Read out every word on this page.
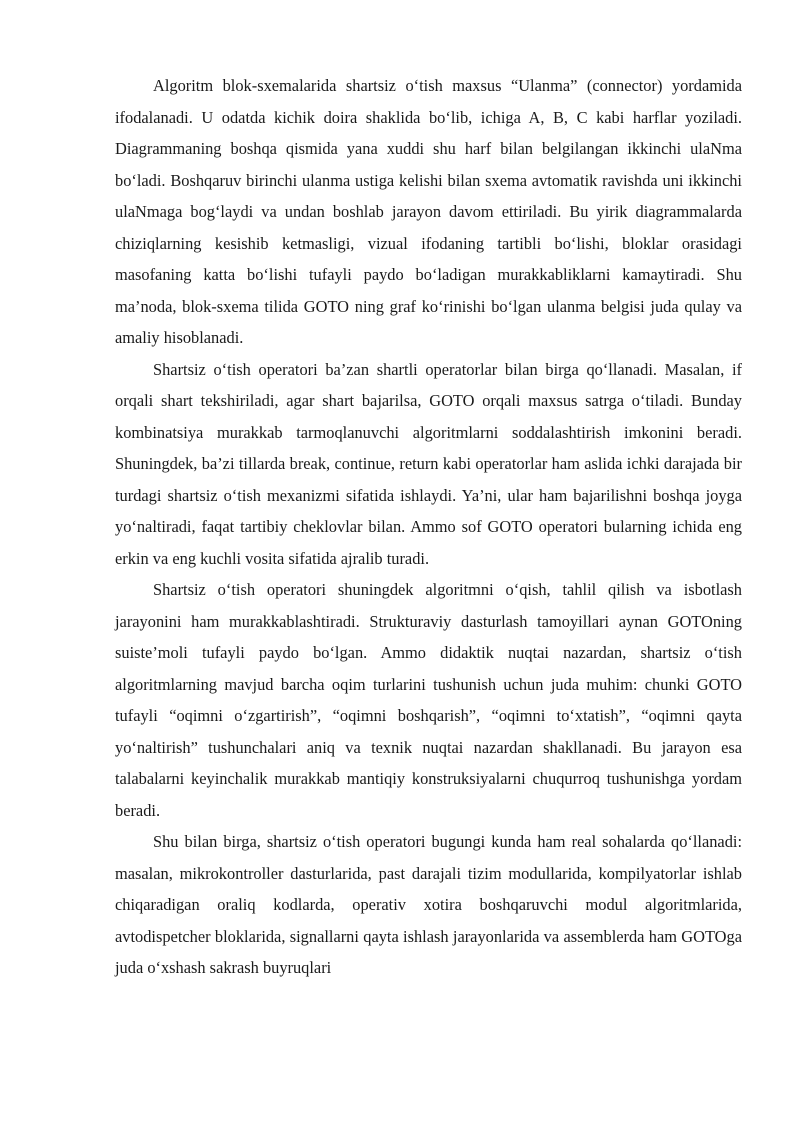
Algoritm blok-sxemalarida shartsiz o‘tish maxsus “Ulanma” (connector) yordamida ifodalanadi. U odatda kichik doira shaklida bo‘lib, ichiga A, B, C kabi harflar yoziladi. Diagrammaning boshqa qismida yana xuddi shu harf bilan belgilangan ikkinchi ulaNma bo‘ladi. Boshqaruv birinchi ulanma ustiga kelishi bilan sxema avtomatik ravishda uni ikkinchi ulaNmaga bog‘laydi va undan boshlab jarayon davom ettiriladi. Bu yirik diagrammalarda chiziqlarning kesishib ketmasligi, vizual ifodaning tartibli bo‘lishi, bloklar orasidagi masofaning katta bo‘lishi tufayli paydo bo‘ladigan murakkabliklarni kamaytiradi. Shu ma’noda, blok-sxema tilida GOTO ning graf ko‘rinishi bo‘lgan ulanma belgisi juda qulay va amaliy hisoblanadi.

Shartsiz o‘tish operatori ba’zan shartli operatorlar bilan birga qo‘llanadi. Masalan, if orqali shart tekshiriladi, agar shart bajarilsa, GOTO orqali maxsus satrga o‘tiladi. Bunday kombinatsiya murakkab tarmoqlanuvchi algoritmlarni soddalashtirish imkonini beradi. Shuningdek, ba’zi tillarda break, continue, return kabi operatorlar ham aslida ichki darajada bir turdagi shartsiz o‘tish mexanizmi sifatida ishlaydi. Ya’ni, ular ham bajarilishni boshqa joyga yo‘naltiradi, faqat tartibiy cheklovlar bilan. Ammo sof GOTO operatori bularning ichida eng erkin va eng kuchli vosita sifatida ajralib turadi.

Shartsiz o‘tish operatori shuningdek algoritmni o‘qish, tahlil qilish va isbotlash jarayonini ham murakkablashtiradi. Strukturaviy dasturlash tamoyillari aynan GOTOning suiste’moli tufayli paydo bo‘lgan. Ammo didaktik nuqtai nazardan, shartsiz o‘tish algoritmlarning mavjud barcha oqim turlarini tushunish uchun juda muhim: chunki GOTO tufayli “oqimni o‘zgartirish”, “oqimni boshqarish”, “oqimni to‘xtatish”, “oqimni qayta yo‘naltirish” tushunchalari aniq va texnik nuqtai nazardan shakllanadi. Bu jarayon esa talabalarni keyinchalik murakkab mantiqiy konstruksiyalarni chuqurroq tushunishga yordam beradi.

Shu bilan birga, shartsiz o‘tish operatori bugungi kunda ham real sohalarda qo‘llanadi: masalan, mikrokontroller dasturlarida, past darajali tizim modullarida, kompilyatorlar ishlab chiqaradigan oraliq kodlarda, operativ xotira boshqaruvchi modul algoritmlarida, avtodispetcher bloklarida, signallarni qayta ishlash jarayonlarida va assemblerda ham GOTOga juda o‘xshash sakrash buyruqlari
